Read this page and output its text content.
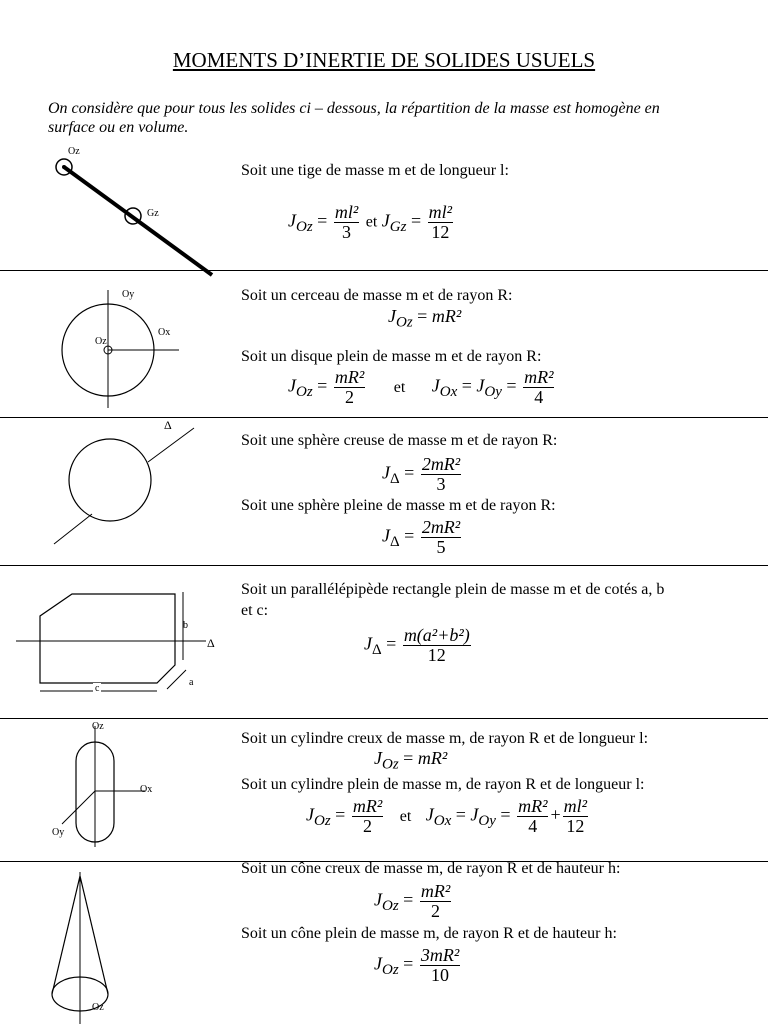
MOMENTS D’INERTIE DE SOLIDES USUELS
On considère que pour tous les solides ci – dessous, la répartition de la masse est homogène en surface ou en volume.
Oz
Gz
Soit une tige de masse m et de longueur l:
$J_{Oz} = \frac{\text{ml²}}{3}$ et $J_{Gz} = \frac{\text{ml²}}{12}$
Oy
Ox
Oz
Soit un cerceau de masse m et de rayon R:
$J_{Oz} = mR^2$
Soit un disque plein de masse m et de rayon R:
$J_{Oz} = \frac{\text{mR²}}{2}$ et $J_{Ox} = J_{Oy} = \frac{\text{mR²}}{4}$
Δ
Soit une sphère creuse de masse m et de rayon R:
$J_\Delta = \frac{\text{2mR²}}{3}$
Soit une sphère pleine de masse m et de rayon R:
$J_\Delta = \frac{\text{2mR²}}{5}$
b
Δ
a
c
Soit un parallélépipède rectangle plein de masse m et de cotés a, b
et c:
$J_\Delta = \frac{\text{m(a²+b²)}}{12}$
Oz
Ox
Oy
Soit un cylindre creux de masse m, de rayon R et de longueur l:
$J_{Oz} = mR^2$
Soit un cylindre plein de masse m, de rayon R et de longueur l:
$J_{Oz} = \frac{\text{mR²}}{2}$ et $J_{Ox} = J_{Oy} = \frac{\text{mR²}}{4} + \frac{\text{ml²}}{12}$
Oz
Soit un cône creux de masse m, de rayon R et de hauteur h:
$J_{Oz} = \frac{\text{mR²}}{2}$
Soit un cône plein de masse m, de rayon R et de hauteur h:
$J_{Oz} = \frac{\text{3mR²}}{10}$
